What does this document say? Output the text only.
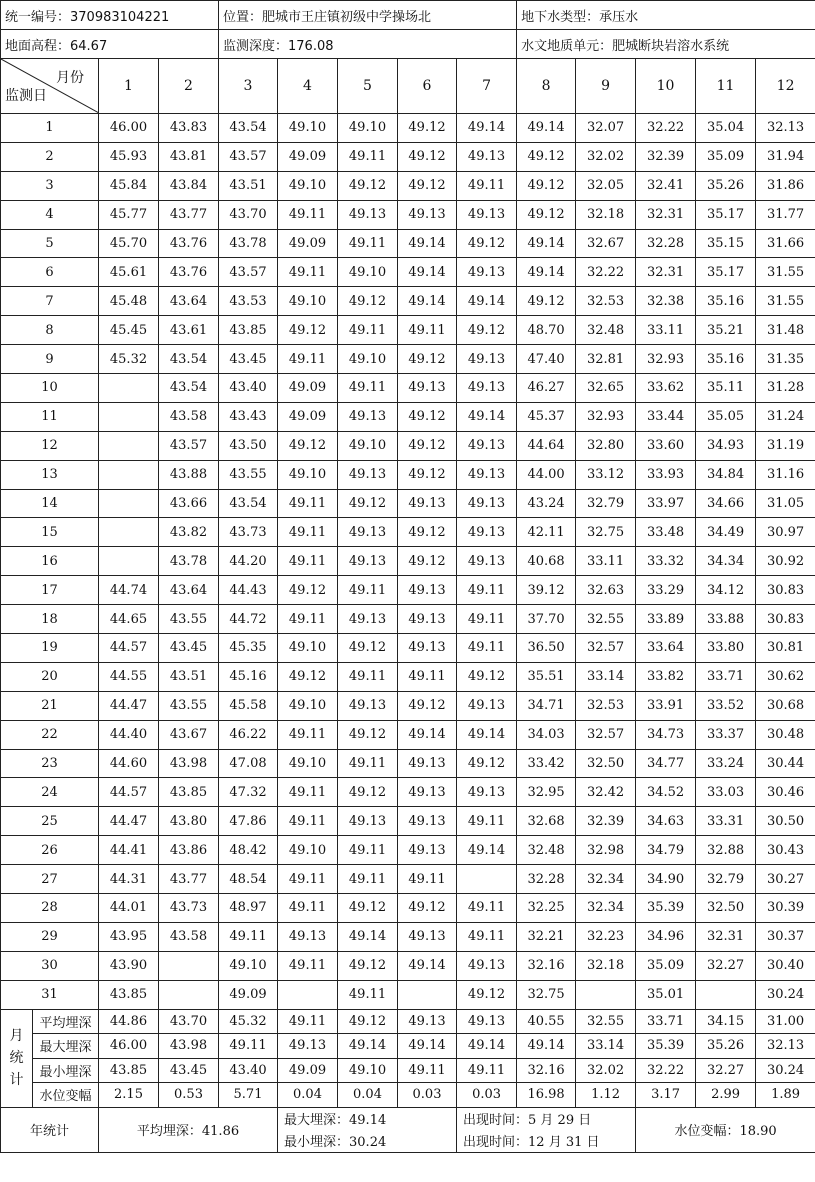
统一编号：370983104221				位置：肥城市王庄镇初级中学操场北					地下水类型：承压水				
地面高程：64.67				监测深度：176.08					水文地质单元：肥城断块岩溶水系统				

月份
监测日		1	2	3	4	5	6	7	8	9	10	11	12
1		46.00	43.83	43.54	49.10	49.10	49.12	49.14	49.14	32.07	32.22	35.04	32.13
2		45.93	43.81	43.57	49.09	49.11	49.12	49.13	49.12	32.02	32.39	35.09	31.94
3		45.84	43.84	43.51	49.10	49.12	49.12	49.11	49.12	32.05	32.41	35.26	31.86
4		45.77	43.77	43.70	49.11	49.13	49.13	49.13	49.12	32.18	32.31	35.17	31.77
5		45.70	43.76	43.78	49.09	49.11	49.14	49.12	49.14	32.67	32.28	35.15	31.66
6		45.61	43.76	43.57	49.11	49.10	49.14	49.13	49.14	32.22	32.31	35.17	31.55
7		45.48	43.64	43.53	49.10	49.12	49.14	49.14	49.12	32.53	32.38	35.16	31.55
8		45.45	43.61	43.85	49.12	49.11	49.11	49.12	48.70	32.48	33.11	35.21	31.48
9		45.32	43.54	43.45	49.11	49.10	49.12	49.13	47.40	32.81	32.93	35.16	31.35
10			43.54	43.40	49.09	49.11	49.13	49.13	46.27	32.65	33.62	35.11	31.28
11			43.58	43.43	49.09	49.13	49.12	49.14	45.37	32.93	33.44	35.05	31.24
12			43.57	43.50	49.12	49.10	49.12	49.13	44.64	32.80	33.60	34.93	31.19
13			43.88	43.55	49.10	49.13	49.12	49.13	44.00	33.12	33.93	34.84	31.16
14			43.66	43.54	49.11	49.12	49.13	49.13	43.24	32.79	33.97	34.66	31.05
15			43.82	43.73	49.11	49.13	49.12	49.13	42.11	32.75	33.48	34.49	30.97
16			43.78	44.20	49.11	49.13	49.12	49.13	40.68	33.11	33.32	34.34	30.92
17		44.74	43.64	44.43	49.12	49.11	49.13	49.11	39.12	32.63	33.29	34.12	30.83
18		44.65	43.55	44.72	49.11	49.13	49.13	49.11	37.70	32.55	33.89	33.88	30.83
19		44.57	43.45	45.35	49.10	49.12	49.13	49.11	36.50	32.57	33.64	33.80	30.81
20		44.55	43.51	45.16	49.12	49.11	49.11	49.12	35.51	33.14	33.82	33.71	30.62
21		44.47	43.55	45.58	49.10	49.13	49.12	49.13	34.71	32.53	33.91	33.52	30.68
22		44.40	43.67	46.22	49.11	49.12	49.14	49.14	34.03	32.57	34.73	33.37	30.48
23		44.60	43.98	47.08	49.10	49.11	49.13	49.12	33.42	32.50	34.77	33.24	30.44
24		44.57	43.85	47.32	49.11	49.12	49.13	49.13	32.95	32.42	34.52	33.03	30.46
25		44.47	43.80	47.86	49.11	49.13	49.13	49.11	32.68	32.39	34.63	33.31	30.50
26		44.41	43.86	48.42	49.10	49.11	49.13	49.14	32.48	32.98	34.79	32.88	30.43
27		44.31	43.77	48.54	49.11	49.11	49.11		32.28	32.34	34.90	32.79	30.27
28		44.01	43.73	48.97	49.11	49.12	49.12	49.11	32.25	32.34	35.39	32.50	30.39
29		43.95	43.58	49.11	49.13	49.14	49.13	49.11	32.21	32.23	34.96	32.31	30.37
30		43.90		49.10	49.11	49.12	49.14	49.13	32.16	32.18	35.09	32.27	30.40
31		43.85		49.09		49.11		49.12	32.75		35.01		30.24

月
统
计	平均埋深	44.86	43.70	45.32	49.11	49.12	49.13	49.13	40.55	32.55	33.71	34.15	31.00
	最大埋深	46.00	43.98	49.11	49.13	49.14	49.14	49.14	49.14	33.14	35.39	35.26	32.13
	最小埋深	43.85	43.45	43.40	49.09	49.10	49.11	49.11	32.16	32.02	32.22	32.27	30.24
	水位变幅	2.15	0.53	5.71	0.04	0.04	0.03	0.03	16.98	1.12	3.17	2.99	1.89
年统计		平均埋深：41.86			最大埋深：49.14			出现时间：5 月 29 日			水位变幅：18.90		
					最小埋深：30.24			出现时间：12 月 31 日					
